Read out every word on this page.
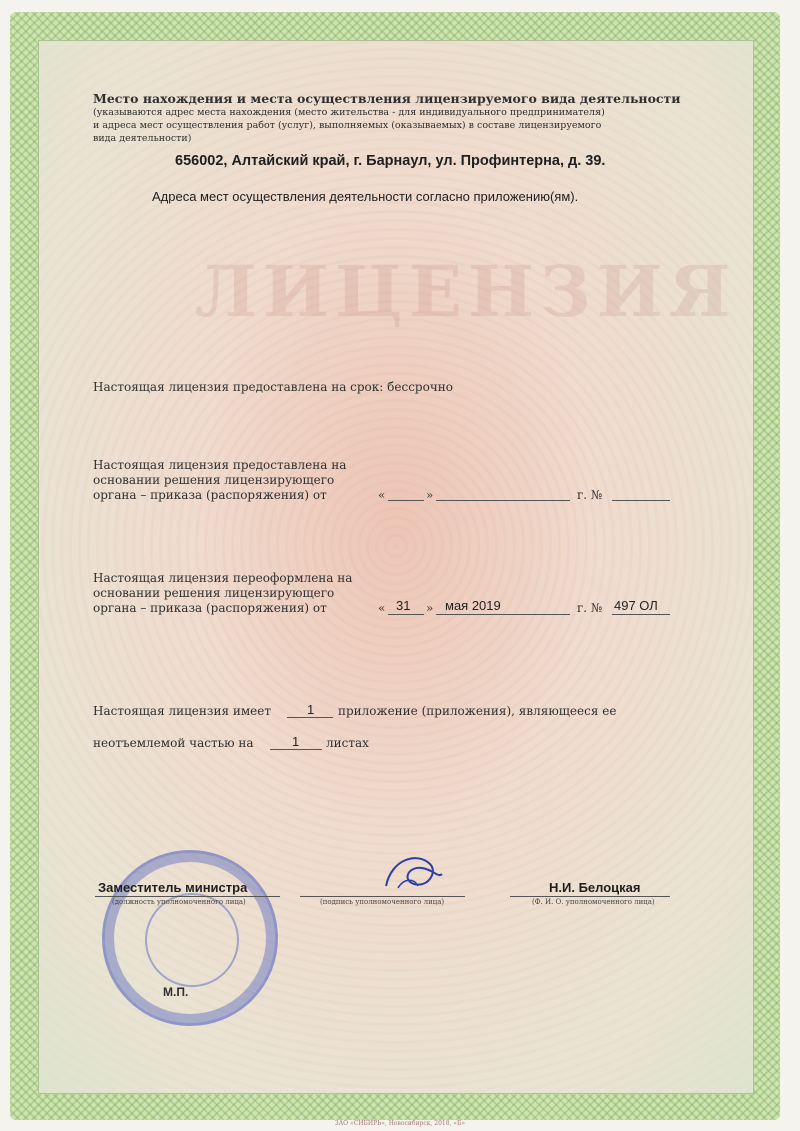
ЛИЦЕНЗИЯ
Место нахождения и места осуществления лицензируемого вида деятельности
(указываются адрес места нахождения (место жительства - для индивидуального предпринимателя)
и адреса мест осуществления работ (услуг), выполняемых (оказываемых) в составе лицензируемого
вида деятельности)
656002, Алтайский край, г. Барнаул, ул. Профинтерна, д. 39.
Адреса мест осуществления деятельности согласно приложению(ям).
Настоящая лицензия предоставлена на срок: бессрочно
Настоящая лицензия предоставлена на
основании решения лицензирующего
органа – приказа (распоряжения) от	«	»	г. №
Настоящая лицензия переоформлена на
основании решения лицензирующего
органа – приказа (распоряжения) от	« 31 » мая 2019	г. № 497 ОЛ
Настоящая лицензия имеет	1 приложение (приложения), являющееся ее
неотъемлемой частью на	1 листах
Заместитель министра
(должность уполномоченного лица)	(подпись уполномоченного лица)
Н.И. Белоцкая
(Ф. И. О. уполномоченного лица)
М.П.
ЗАО «СИБИРЬ», Новосибирск, 2018, «Б»
